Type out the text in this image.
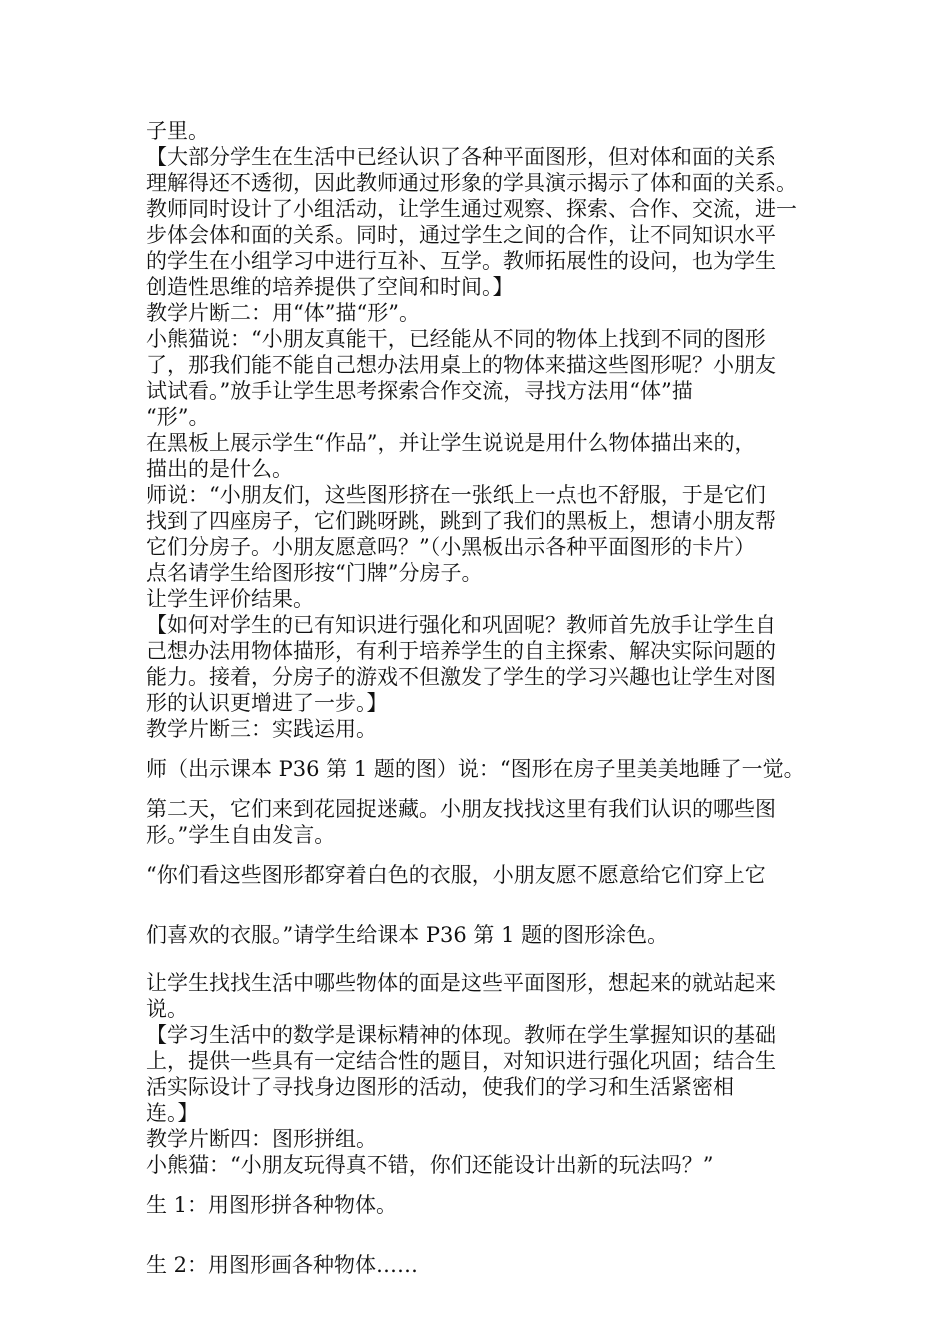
子里。
【大部分学生在生活中已经认识了各种平面图形，但对体和面的关系
理解得还不透彻，因此教师通过形象的学具演示揭示了体和面的关系。
教师同时设计了小组活动，让学生通过观察、探索、合作、交流，进一
步体会体和面的关系。同时，通过学生之间的合作，让不同知识水平
的学生在小组学习中进行互补、互学。教师拓展性的设问，也为学生
创造性思维的培养提供了空间和时间。】
教学片断二：用“体”描“形”。
小熊猫说：“小朋友真能干，已经能从不同的物体上找到不同的图形
了，那我们能不能自己想办法用桌上的物体来描这些图形呢？小朋友
试试看。”放手让学生思考探索合作交流，寻找方法用“体”描
“形”。
在黑板上展示学生“作品”，并让学生说说是用什么物体描出来的，
描出的是什么。
师说：“小朋友们，这些图形挤在一张纸上一点也不舒服，于是它们
找到了四座房子，它们跳呀跳，跳到了我们的黑板上，想请小朋友帮
它们分房子。小朋友愿意吗？”（小黑板出示各种平面图形的卡片）
点名请学生给图形按“门牌”分房子。
让学生评价结果。
【如何对学生的已有知识进行强化和巩固呢？教师首先放手让学生自
己想办法用物体描形，有利于培养学生的自主探索、解决实际问题的
能力。接着，分房子的游戏不但激发了学生的学习兴趣也让学生对图
形的认识更增进了一步。】
教学片断三：实践运用。
师（出示课本 P36 第 1 题的图）说：“图形在房子里美美地睡了一觉。
第二天，它们来到花园捉迷藏。小朋友找找这里有我们认识的哪些图
形。”学生自由发言。
“你们看这些图形都穿着白色的衣服，小朋友愿不愿意给它们穿上它
们喜欢的衣服。”请学生给课本 P36 第 1 题的图形涂色。
让学生找找生活中哪些物体的面是这些平面图形，想起来的就站起来
说。
【学习生活中的数学是课标精神的体现。教师在学生掌握知识的基础
上，提供一些具有一定结合性的题目，对知识进行强化巩固；结合生
活实际设计了寻找身边图形的活动，使我们的学习和生活紧密相
连。】
教学片断四：图形拼组。
小熊猫：“小朋友玩得真不错，你们还能设计出新的玩法吗？”
生 1：用图形拼各种物体。
生 2：用图形画各种物体……
